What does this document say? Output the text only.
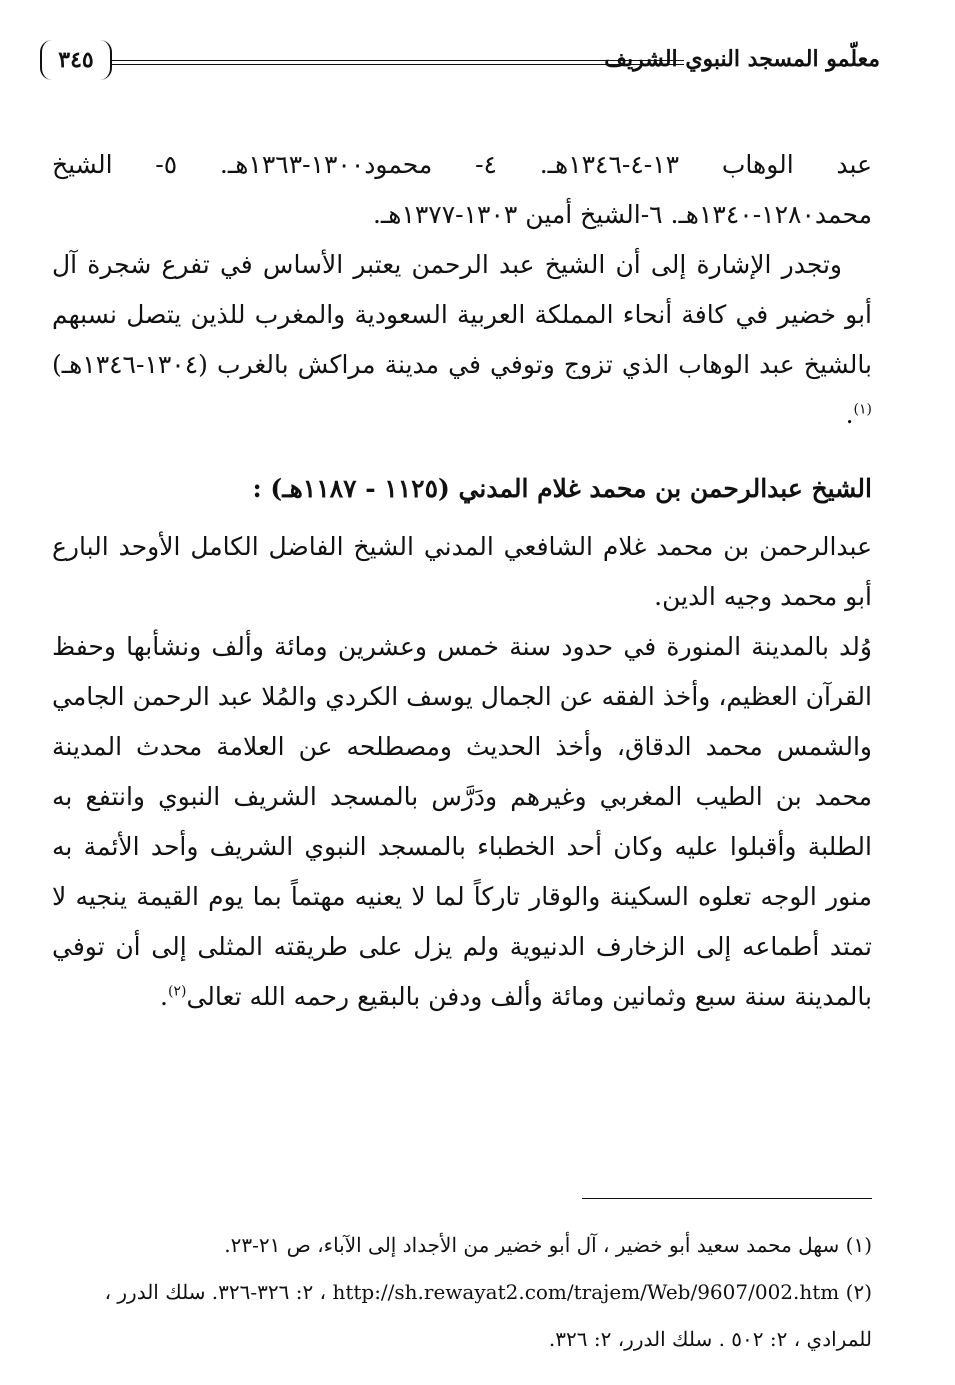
معلّمو المسجد النبوي الشريف
٣٤٥

عبد الوهاب ١٣-٤-١٣٤٦هـ. ٤- محمود١٣٠٠-١٣٦٣هـ. ٥- الشيخ محمد١٢٨٠-١٣٤٠هـ. ٦-الشيخ أمين ١٣٠٣-١٣٧٧هـ.

وتجدر الإشارة إلى أن الشيخ عبد الرحمن يعتبر الأساس في تفرع شجرة آل أبو خضير في كافة أنحاء المملكة العربية السعودية والمغرب للذين يتصل نسبهم بالشيخ عبد الوهاب الذي تزوج وتوفي في مدينة مراكش بالغرب (١٣٠٤-١٣٤٦هـ)$^{(١)}$.

الشيخ عبدالرحمن بن محمد غلام المدني (١١٢٥ - ١١٨٧هـ) :

عبدالرحمن بن محمد غلام الشافعي المدني الشيخ الفاضل الكامل الأوحد البارع أبو محمد وجيه الدين.

وُلد بالمدينة المنورة في حدود سنة خمس وعشرين ومائة وألف ونشأبها وحفظ القرآن العظيم، وأخذ الفقه عن الجمال يوسف الكردي والمُلا عبد الرحمن الجامي والشمس محمد الدقاق، وأخذ الحديث ومصطلحه عن العلامة محدث المدينة محمد بن الطيب المغربي وغيرهم ودَرَّس بالمسجد الشريف النبوي وانتفع به الطلبة وأقبلوا عليه وكان أحد الخطباء بالمسجد النبوي الشريف وأحد الأئمة به منور الوجه تعلوه السكينة والوقار تاركاً لما لا يعنيه مهتماً بما يوم القيمة ينجيه لا تمتد أطماعه إلى الزخارف الدنيوية ولم يزل على طريقته المثلى إلى أن توفي بالمدينة سنة سبع وثمانين ومائة وألف ودفن بالبقيع رحمه الله تعالى$^{(٢)}$.

(١) سهل محمد سعيد أبو خضير ، آل أبو خضير من الأجداد إلى الآباء، ص ٢١-٢٣.

(٢) http://sh.rewayat2.com/trajem/Web/9607/002.htm ، ٢: ٣٢٦-٣٢٦. سلك الدرر ،

للمرادي ، ٢: ٥٠٢ . سلك الدرر، ٢: ٣٢٦.
